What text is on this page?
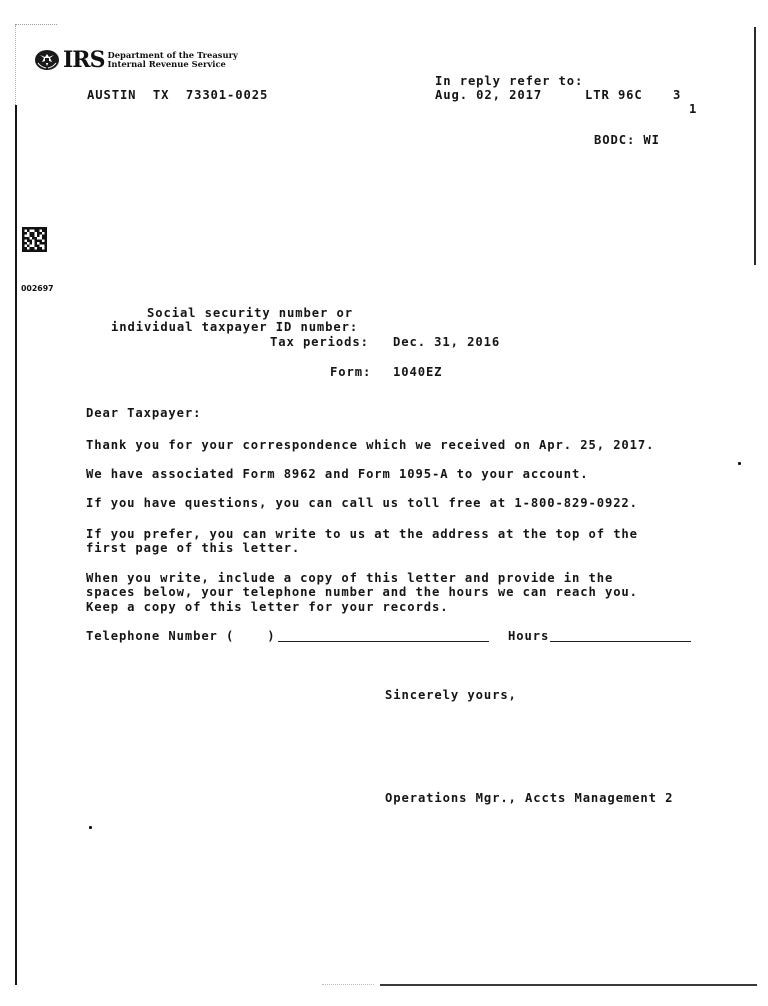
IRS Department of the Treasury
Internal Revenue Service
AUSTIN  TX  73301-0025
In reply refer to:
Aug. 02, 2017	LTR 96C 3
1
BODC: WI
002697
Social security number or
individual taxpayer ID number:
Tax periods: Dec. 31, 2016
Form: 1040EZ
Dear Taxpayer:
Thank you for your correspondence which we received on Apr. 25, 2017.
We have associated Form 8962 and Form 1095-A to your account.
If you have questions, you can call us toll free at 1-800-829-0922.
If you prefer, you can write to us at the address at the top of the
first page of this letter.
When you write, include a copy of this letter and provide in the
spaces below, your telephone number and the hours we can reach you.
Keep a copy of this letter for your records.
Telephone Number (    )	Hours
Sincerely yours,
Operations Mgr., Accts Management 2
